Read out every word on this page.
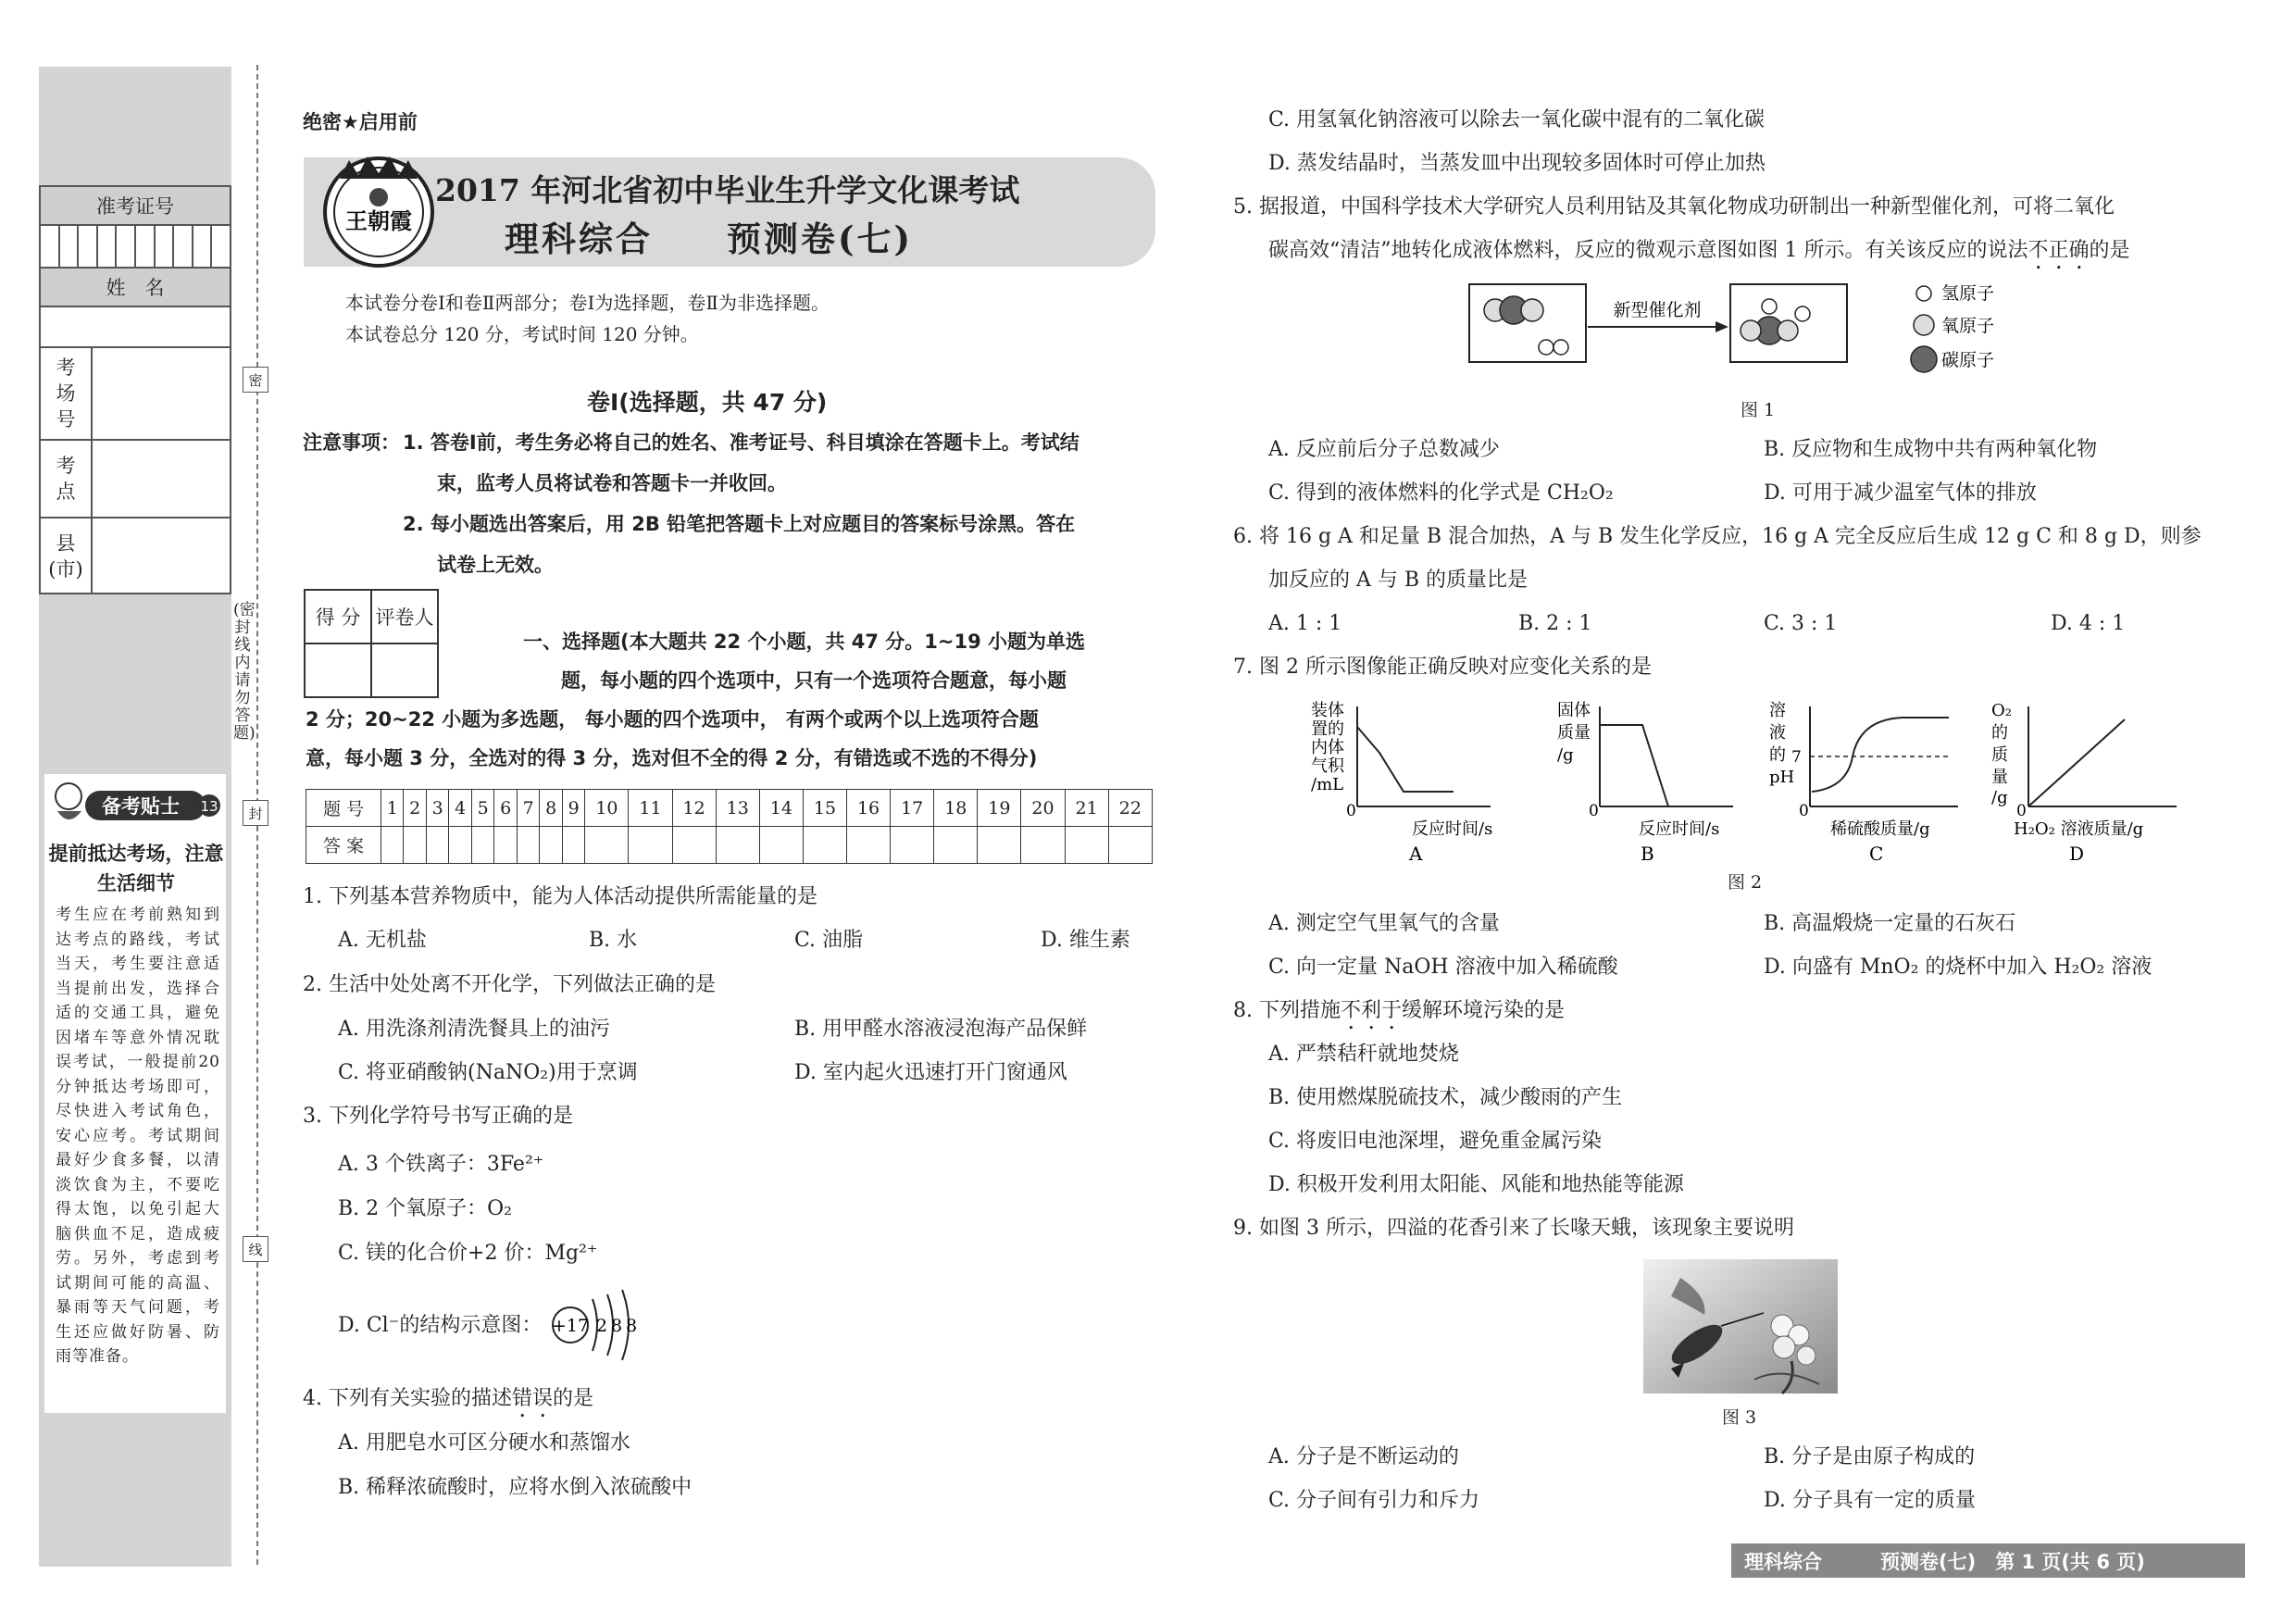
准考证号
姓　名
考
场
号
考
点
县
(市)
备考贴士 13
提前抵达考场，注意生活细节
考生应在考前熟知到达考点的路线，考试当天，考生要注意适当提前出发，选择合适的交通工具，避免因堵车等意外情况耽误考试，一般提前20分钟抵达考场即可，尽快进入考试角色，安心应考。考试期间最好少食多餐，以清淡饮食为主，不要吃得太饱，以免引起大脑供血不足，造成疲劳。另外，考虑到考试期间可能的高温、暴雨等天气问题，考生还应做好防暑、防雨等准备。
密
封
线
(密封线内请勿答题)
绝密★启用前
王朝霞
2017 年河北省初中毕业生升学文化课考试
理科综合　　预测卷(七)
本试卷分卷Ⅰ和卷Ⅱ两部分；卷Ⅰ为选择题，卷Ⅱ为非选择题。
本试卷总分 120 分，考试时间 120 分钟。
卷Ⅰ(选择题，共 47 分)
注意事项： 1. 答卷Ⅰ前，考生务必将自己的姓名、准考证号、科目填涂在答题卡上。考试结
束，监考人员将试卷和答题卡一并收回。
2. 每小题选出答案后，用 2B 铅笔把答题卡上对应题目的答案标号涂黑。答在
试卷上无效。
得 分	评卷人

一、选择题(本大题共 22 个小题，共 47 分。1~19 小题为单选
题，每小题的四个选项中，只有一个选项符合题意，每小题
2 分；20~22 小题为多选题， 每小题的四个选项中， 有两个或两个以上选项符合题
意，每小题 3 分，全选对的得 3 分，选对但不全的得 2 分，有错选或不选的不得分)
题 号	1	2	3	4	5	6	7	8	9	10	11	12	13	14	15	16	17	18	19	20	21	22
答 案																						
1. 下列基本营养物质中，能为人体活动提供所需能量的是
A. 无机盐	B. 水	C. 油脂	D. 维生素
2. 生活中处处离不开化学，下列做法正确的是
A. 用洗涤剂清洗餐具上的油污	B. 用甲醛水溶液浸泡海产品保鲜
C. 将亚硝酸钠(NaNO₂)用于烹调	D. 室内起火迅速打开门窗通风
3. 下列化学符号书写正确的是
A. 3 个铁离子：3Fe²⁺
B. 2 个氧原子：O₂
C. 镁的化合价+2 价：Mg²⁺
D. Cl⁻的结构示意图： +17 2 8 8
4. 下列有关实验的描述错误的是
A. 用肥皂水可区分硬水和蒸馏水
B. 稀释浓硫酸时，应将水倒入浓硫酸中
C. 用氢氧化钠溶液可以除去一氧化碳中混有的二氧化碳
D. 蒸发结晶时，当蒸发皿中出现较多固体时可停止加热
5. 据报道，中国科学技术大学研究人员利用钴及其氧化物成功研制出一种新型催化剂，可将二氧化
碳高效“清洁”地转化成液体燃料，反应的微观示意图如图 1 所示。有关该反应的说法不正确的是
新型催化剂
氢原子
氧原子
碳原子
图 1
A. 反应前后分子总数减少	B. 反应物和生成物中共有两种氧化物
C. 得到的液体燃料的化学式是 CH₂O₂	D. 可用于减少温室气体的排放
6. 将 16 g A 和足量 B 混合加热，A 与 B 发生化学反应，16 g A 完全反应后生成 12 g C 和 8 g D，则参
加反应的 A 与 B 的质量比是
A. 1 : 1	B. 2 : 1	C. 3 : 1	D. 4 : 1
7. 图 2 所示图像能正确反映对应变化关系的是
装体置的内体气积/mL
0
反应时间/s
A
固体质量/g
0
反应时间/s
B
溶液的 pH
7
0
稀硫酸质量/g
C
O₂ 的质量/g
0
H₂O₂ 溶液质量/g
D
图 2
A. 测定空气里氧气的含量	B. 高温煅烧一定量的石灰石
C. 向一定量 NaOH 溶液中加入稀硫酸	D. 向盛有 MnO₂ 的烧杯中加入 H₂O₂ 溶液
8. 下列措施不利于缓解环境污染的是
A. 严禁秸秆就地焚烧
B. 使用燃煤脱硫技术，减少酸雨的产生
C. 将废旧电池深埋，避免重金属污染
D. 积极开发利用太阳能、风能和地热能等能源
9. 如图 3 所示，四溢的花香引来了长喙天蛾，该现象主要说明
图 3
A. 分子是不断运动的	B. 分子是由原子构成的
C. 分子间有引力和斥力	D. 分子具有一定的质量
理科综合　　　预测卷(七)　第 1 页(共 6 页)
